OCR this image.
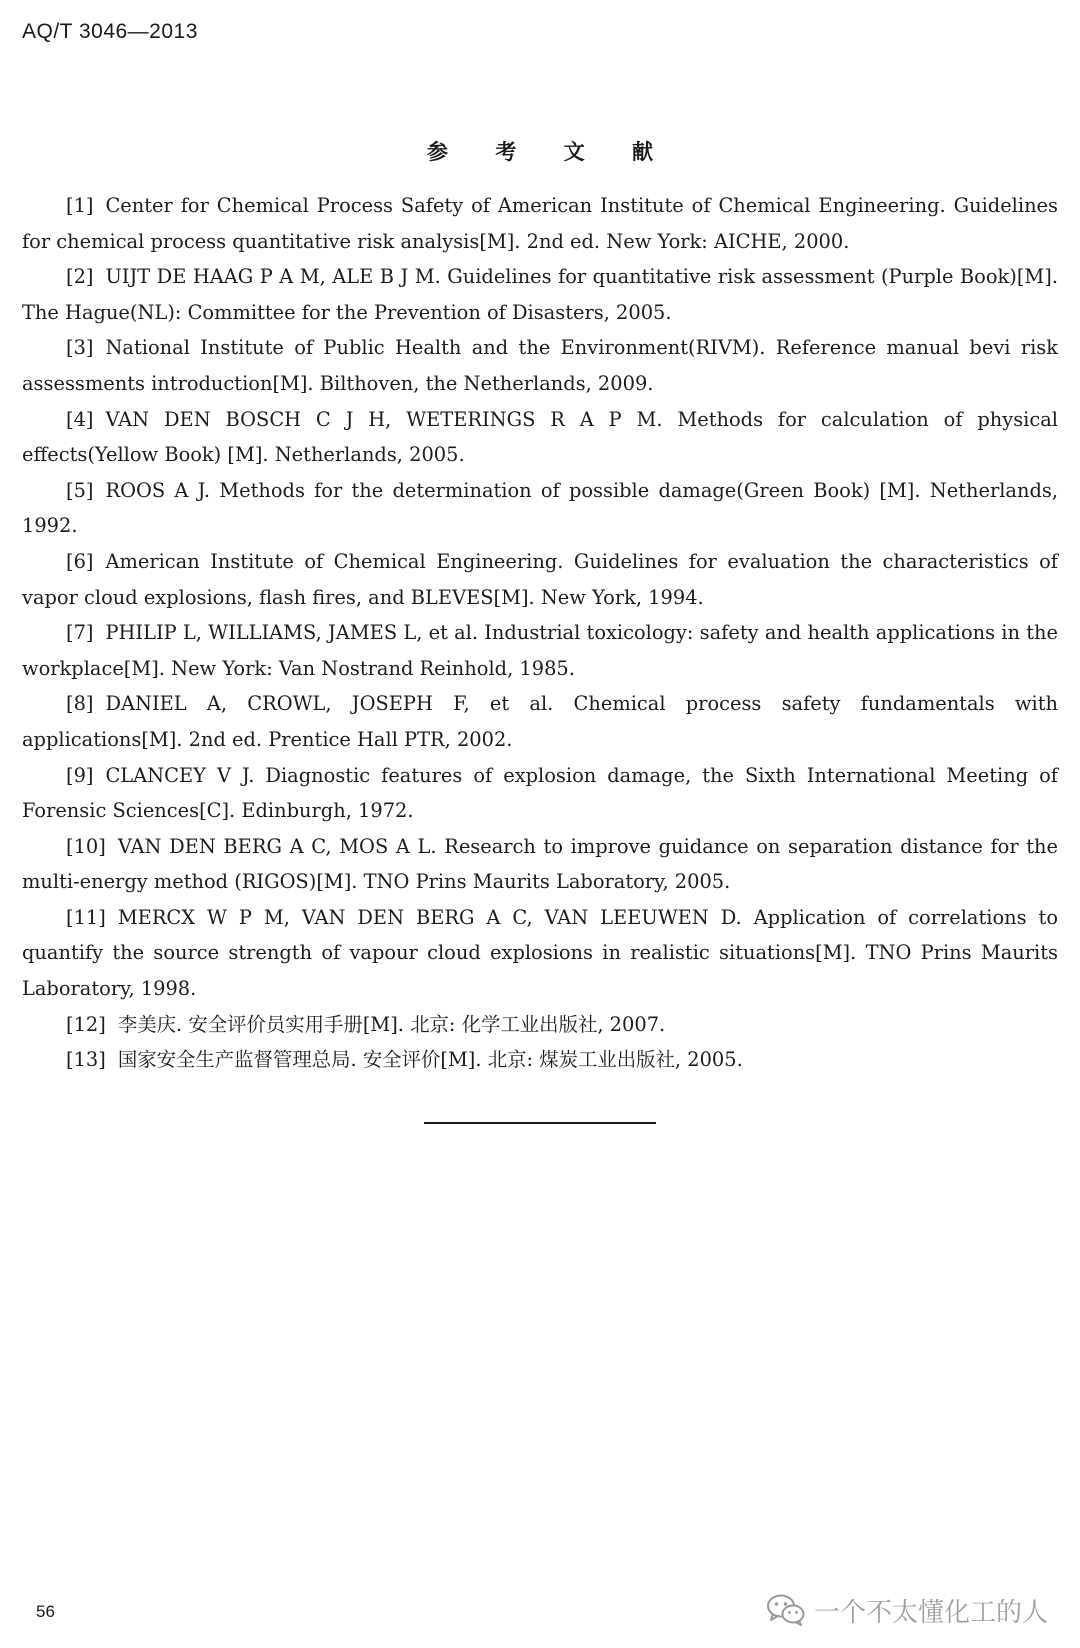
AQ/T 3046—2013
参 考 文 献
[1] Center for Chemical Process Safety of American Institute of Chemical Engineering. Guidelines for chemical process quantitative risk analysis[M]. 2nd ed. New York: AICHE, 2000.
[2] UIJT DE HAAG P A M, ALE B J M. Guidelines for quantitative risk assessment (Purple Book)[M]. The Hague(NL): Committee for the Prevention of Disasters, 2005.
[3] National Institute of Public Health and the Environment(RIVM). Reference manual bevi risk assessments introduction[M]. Bilthoven, the Netherlands, 2009.
[4] VAN DEN BOSCH C J H, WETERINGS R A P M. Methods for calculation of physical effects(Yellow Book) [M]. Netherlands, 2005.
[5] ROOS A J. Methods for the determination of possible damage(Green Book) [M]. Netherlands, 1992.
[6] American Institute of Chemical Engineering. Guidelines for evaluation the characteristics of vapor cloud explosions, flash fires, and BLEVES[M]. New York, 1994.
[7] PHILIP L, WILLIAMS, JAMES L, et al. Industrial toxicology: safety and health applications in the workplace[M]. New York: Van Nostrand Reinhold, 1985.
[8] DANIEL A, CROWL, JOSEPH F, et al. Chemical process safety fundamentals with applications[M]. 2nd ed. Prentice Hall PTR, 2002.
[9] CLANCEY V J. Diagnostic features of explosion damage, the Sixth International Meeting of Forensic Sciences[C]. Edinburgh, 1972.
[10] VAN DEN BERG A C, MOS A L. Research to improve guidance on separation distance for the multi-energy method (RIGOS)[M]. TNO Prins Maurits Laboratory, 2005.
[11] MERCX W P M, VAN DEN BERG A C, VAN LEEUWEN D. Application of correlations to quantify the source strength of vapour cloud explosions in realistic situations[M]. TNO Prins Maurits Laboratory, 1998.
[12] 李美庆. 安全评价员实用手册[M]. 北京: 化学工业出版社, 2007.
[13] 国家安全生产监督管理总局. 安全评价[M]. 北京: 煤炭工业出版社, 2005.
56	一个不太懂化工的人
